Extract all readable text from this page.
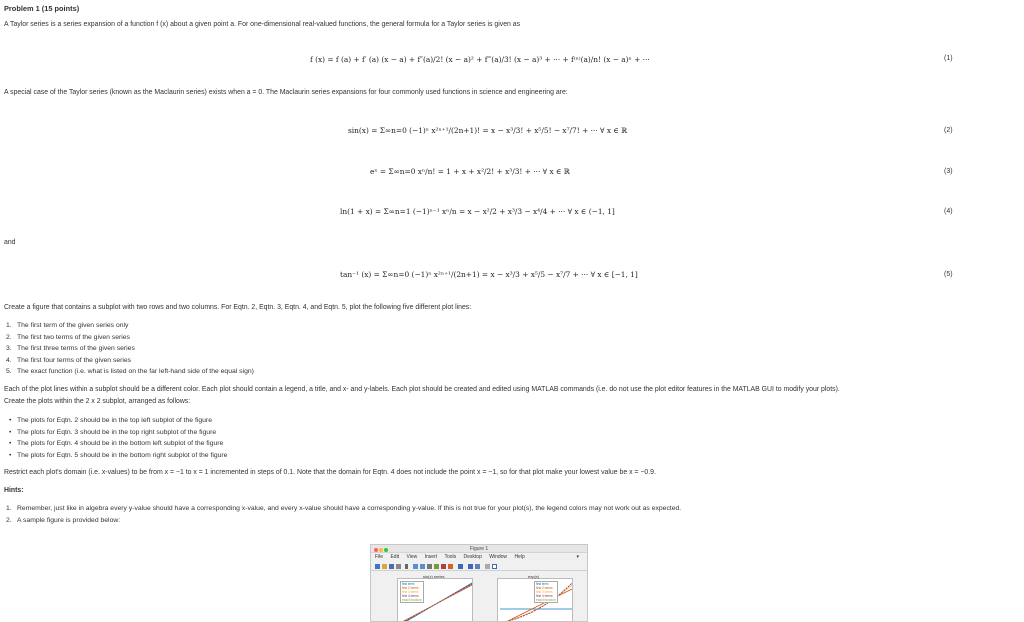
Problem 1 (15 points)
A Taylor series is a series expansion of a function f (x) about a given point a. For one-dimensional real-valued functions, the general formula for a Taylor series is given as
f (x) = f (a) + f′ (a) (x − a) + f″(a)/2! (x − a)² + f‴(a)/3! (x − a)³ + ··· + f⁽ⁿ⁾(a)/n! (x − a)ⁿ + ···	(1)
A special case of the Taylor series (known as the Maclaurin series) exists when a = 0. The Maclaurin series expansions for four commonly used functions in science and engineering are:
sin(x) = Σ∞n=0 (−1)ⁿ x²ⁿ⁺¹/(2n+1)! = x − x³/3! + x⁵/5! − x⁷/7! + ··· ∀ x ∈ ℝ	(2)
eˣ = Σ∞n=0 xⁿ/n! = 1 + x + x²/2! + x³/3! + ··· ∀ x ∈ ℝ	(3)
ln(1 + x) = Σ∞n=1 (−1)ⁿ⁻¹ xⁿ/n = x − x²/2 + x³/3 − x⁴/4 + ··· ∀ x ∈ (−1, 1]	(4)
and
tan⁻¹ (x) = Σ∞n=0 (−1)ⁿ x²ⁿ⁺¹/(2n+1) = x − x³/3 + x⁵/5 − x⁷/7 + ··· ∀ x ∈ [−1, 1]	(5)
Create a figure that contains a subplot with two rows and two columns. For Eqtn. 2, Eqtn. 3, Eqtn. 4, and Eqtn. 5, plot the following five different plot lines:
1. The first term of the given series only
2. The first two terms of the given series
3. The first three terms of the given series
4. The first four terms of the given series
5. The exact function (i.e. what is listed on the far left-hand side of the equal sign)
Each of the plot lines within a subplot should be a different color. Each plot should contain a legend, a title, and x- and y-labels. Each plot should be created and edited using MATLAB commands (i.e. do not use the plot editor features in the MATLAB GUI to modify your plots).
Create the plots within the 2 x 2 subplot, arranged as follows:
• The plots for Eqtn. 2 should be in the top left subplot of the figure
• The plots for Eqtn. 3 should be in the top right subplot of the figure
• The plots for Eqtn. 4 should be in the bottom left subplot of the figure
• The plots for Eqtn. 5 should be in the bottom right subplot of the figure
Restrict each plot's domain (i.e. x-values) to be from x = −1 to x = 1 incremented in steps of 0.1. Note that the domain for Eqtn. 4 does not include the point x = −1, so for that plot make your lowest value be x = −0.9.
Hints:
1. Remember, just like in algebra every y-value should have a corresponding x-value, and every x-value should have a corresponding y-value. If this is not true for your plot(s), the legend colors may not work out as expected.
2. A sample figure is provided below:
Figure 1
File Edit View Insert Tools Desktop Window Help	▾
sin(x) series
first term
first 2 terms
first 3 terms
first 4 terms
exact function
exp(x)
first term
first 2 terms
first 3 terms
first 4 terms
exact function
